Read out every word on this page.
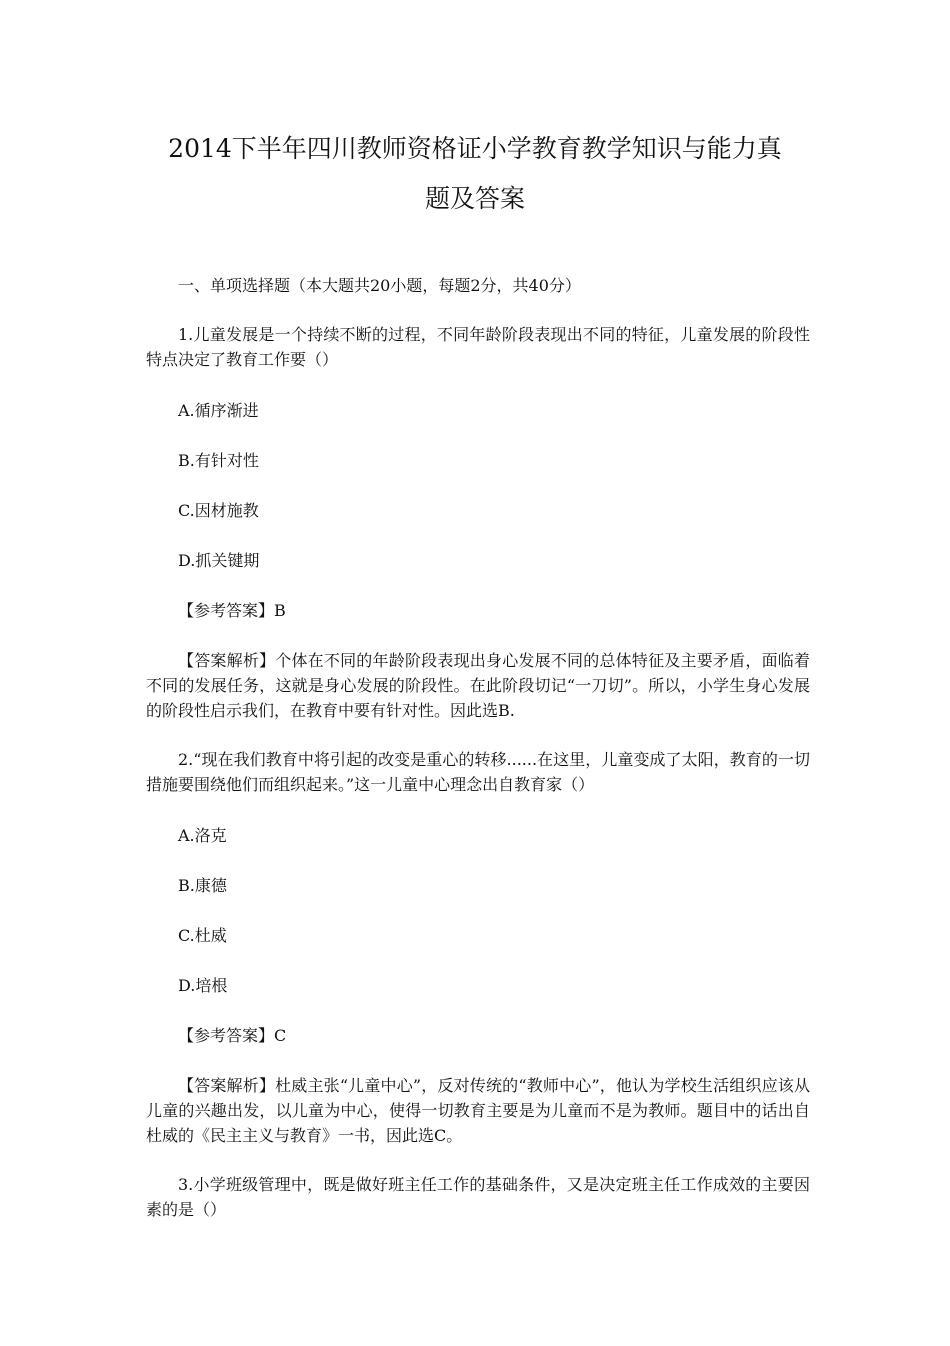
2014下半年四川教师资格证小学教育教学知识与能力真
题及答案
一、单项选择题（本大题共20小题，每题2分，共40分）
1.儿童发展是一个持续不断的过程，不同年龄阶段表现出不同的特征，儿童发展的阶段性特点决定了教育工作要（）
A.循序渐进
B.有针对性
C.因材施教
D.抓关键期
【参考答案】B
【答案解析】个体在不同的年龄阶段表现出身心发展不同的总体特征及主要矛盾，面临着不同的发展任务，这就是身心发展的阶段性。在此阶段切记“一刀切”。所以，小学生身心发展的阶段性启示我们，在教育中要有针对性。因此选B.
2.“现在我们教育中将引起的改变是重心的转移......在这里，儿童变成了太阳，教育的一切措施要围绕他们而组织起来。”这一儿童中心理念出自教育家（）
A.洛克
B.康德
C.杜威
D.培根
【参考答案】C
【答案解析】杜威主张“儿童中心”，反对传统的“教师中心”，他认为学校生活组织应该从儿童的兴趣出发，以儿童为中心，使得一切教育主要是为儿童而不是为教师。题目中的话出自杜威的《民主主义与教育》一书，因此选C。
3.小学班级管理中，既是做好班主任工作的基础条件，又是决定班主任工作成效的主要因素的是（）
